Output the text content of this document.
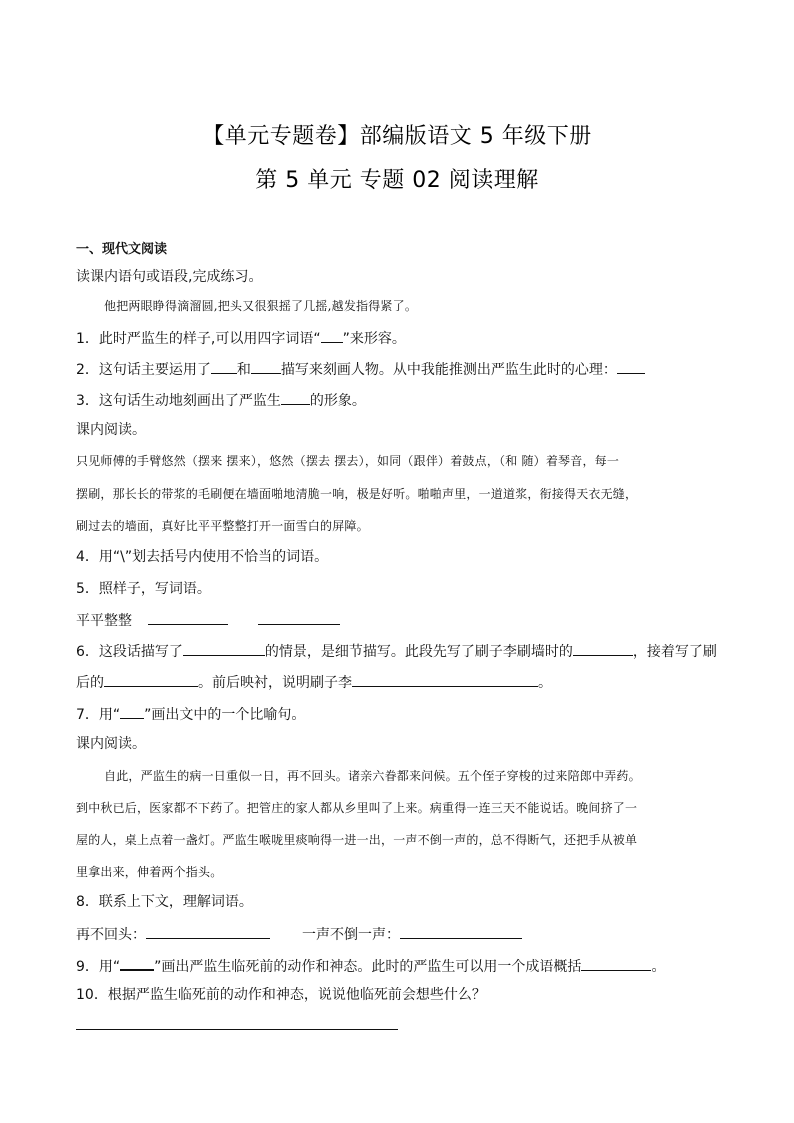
【单元专题卷】部编版语文 5 年级下册
第 5 单元 专题 02 阅读理解
一、现代文阅读
读课内语句或语段,完成练习。
他把两眼睁得滴溜圆,把头又很狠摇了几摇,越发指得紧了。
1．此时严监生的样子,可以用四字词语“ ”来形容。
2．这句话主要运用了 和 描写来刻画人物。从中我能推测出严监生此时的心理：
3．这句话生动地刻画出了严监生 的形象。
课内阅读。
只见师傅的手臂悠然（摆来 摆来），悠然（摆去 摆去），如同（跟伴）着鼓点，（和 随）着琴音，每一
摆刷，那长长的带浆的毛刷便在墙面啪地清脆一响，极是好听。啪啪声里，一道道浆，衔接得天衣无缝，
刷过去的墙面，真好比平平整整打开一面雪白的屏障。
4．用“\”划去括号内使用不恰当的词语。
5．照样子，写词语。
平平整整
6．这段话描写了	的情景，是细节描写。此段先写了刷子李刷墙时的	，接着写了刷
后的	。前后映衬，说明刷子李	。
7．用“ ”画出文中的一个比喻句。
课内阅读。
自此，严监生的病一日重似一日，再不回头。诸亲六眷都来问候。五个侄子穿梭的过来陪郎中弄药。
到中秋已后，医家都不下药了。把管庄的家人都从乡里叫了上来。病重得一连三天不能说话。晚间挤了一
屋的人，桌上点着一盏灯。严监生喉咙里痰响得一进一出，一声不倒一声的，总不得断气，还把手从被单
里拿出来，伸着两个指头。
8．联系上下文，理解词语。
再不回头：	一声不倒一声：
9．用“ ”画出严监生临死前的动作和神态。此时的严监生可以用一个成语概括	。
10．根据严监生临死前的动作和神态，说说他临死前会想些什么？
